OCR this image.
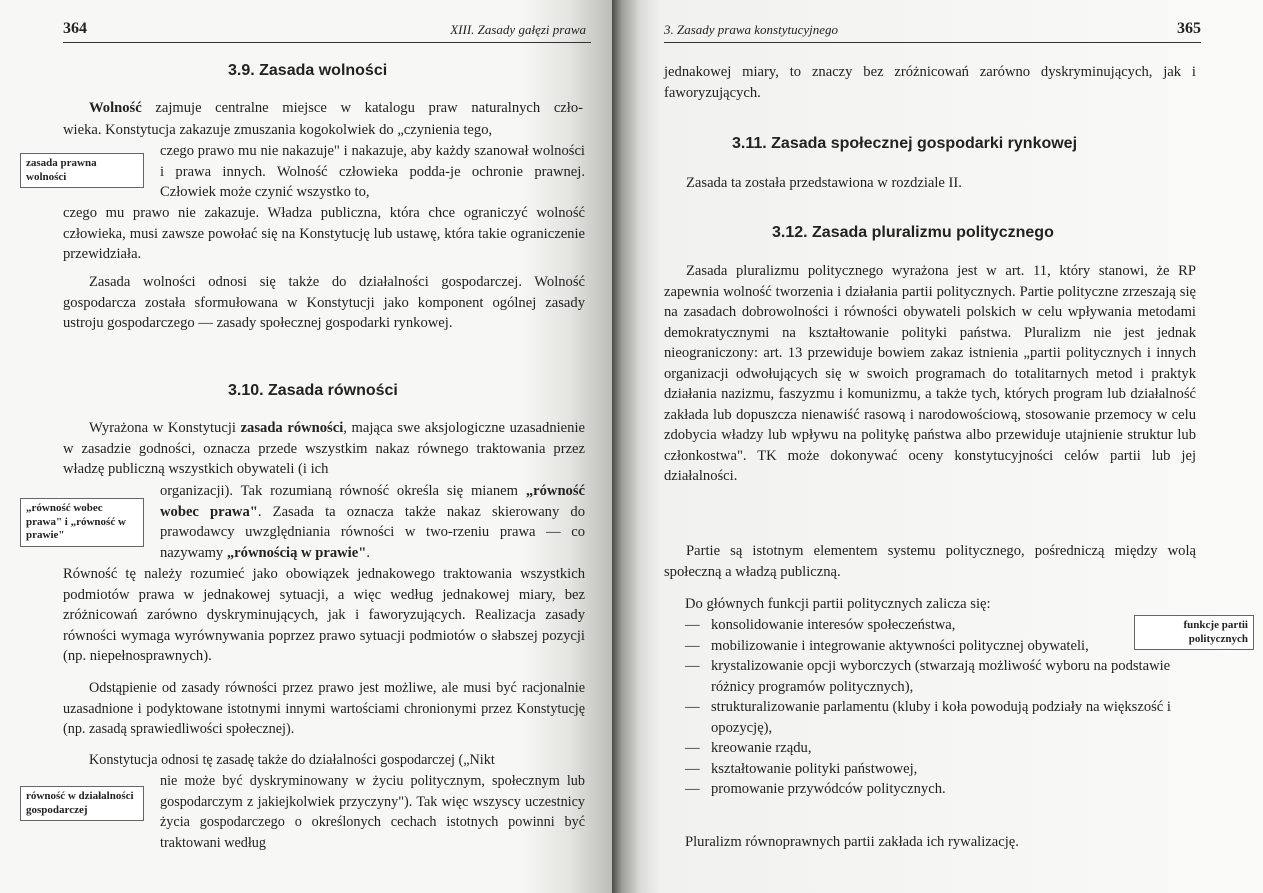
364	XIII. Zasady gałęzi prawa
3.9. Zasada wolności

Wolność zajmuje centralne miejsce w katalogu praw naturalnych czło-

wieka. Konstytucja zakazuje zmuszania kogokolwiek do „czynienia tego,

czego prawo mu nie nakazuje" i nakazuje, aby każdy szanował wolności i prawa innych. Wolność człowieka podda-je ochronie prawnej. Człowiek może czynić wszystko to,

czego mu prawo nie zakazuje. Władza publiczna, która chce ograniczyć wolność człowieka, musi zawsze powołać się na Konstytucję lub ustawę, która takie ograniczenie przewidziała.

zasada prawna wolności

Zasada wolności odnosi się także do działalności gospodarczej. Wolność gospodarcza została sformułowana w Konstytucji jako komponent ogólnej zasady ustroju gospodarczego — zasady społecznej gospodarki rynkowej.

3.10. Zasada równości

Wyrażona w Konstytucji zasada równości, mająca swe aksjologiczne uzasadnienie w zasadzie godności, oznacza przede wszystkim nakaz równego traktowania przez władzę publiczną wszystkich obywateli (i ich

organizacji). Tak rozumianą równość określa się mianem „równość wobec prawa". Zasada ta oznacza także nakaz skierowany do prawodawcy uwzględniania równości w two-rzeniu prawa — co nazywamy „równością w prawie".

Równość tę należy rozumieć jako obowiązek jednakowego traktowania wszystkich podmiotów prawa w jednakowej sytuacji, a więc według jednakowej miary, bez zróżnicowań zarówno dyskryminujących, jak i faworyzujących. Realizacja zasady równości wymaga wyrównywania poprzez prawo sytuacji podmiotów o słabszej pozycji (np. niepełnosprawnych).

„równość wobec prawa" i „równość w prawie"

Odstąpienie od zasady równości przez prawo jest możliwe, ale musi być racjonalnie uzasadnione i podyktowane istotnymi innymi wartościami chronionymi przez Konstytucję (np. zasadą sprawiedliwości społecznej).

Konstytucja odnosi tę zasadę także do działalności gospodarczej („Nikt

nie może być dyskryminowany w życiu politycznym, społecznym lub gospodarczym z jakiejkolwiek przyczyny"). Tak więc wszyscy uczestnicy życia gospodarczego o określonych cechach istotnych powinni być traktowani według

równość w działalności gospodarczej
3. Zasady prawa konstytucyjnego	365

jednakowej miary, to znaczy bez zróżnicowań zarówno dyskryminujących, jak i faworyzujących.

3.11. Zasada społecznej gospodarki rynkowej

Zasada ta została przedstawiona w rozdziale II.

3.12. Zasada pluralizmu politycznego

Zasada pluralizmu politycznego wyrażona jest w art. 11, który stanowi, że RP zapewnia wolność tworzenia i działania partii politycznych. Partie polityczne zrzeszają się na zasadach dobrowolności i równości obywateli polskich w celu wpływania metodami demokratycznymi na kształtowanie polityki państwa. Pluralizm nie jest jednak nieograniczony: art. 13 przewiduje bowiem zakaz istnienia „partii politycznych i innych organizacji odwołujących się w swoich programach do totalitarnych metod i praktyk działania nazizmu, faszyzmu i komunizmu, a także tych, których program lub działalność zakłada lub dopuszcza nienawiść rasową i narodowościową, stosowanie przemocy w celu zdobycia władzy lub wpływu na politykę państwa albo przewiduje utajnienie struktur lub członkostwa". TK może dokonywać oceny konstytucyjności celów partii lub jej działalności.

Partie są istotnym elementem systemu politycznego, pośredniczą między wolą społeczną a władzą publiczną.

Do głównych funkcji partii politycznych zalicza się:

— konsolidowanie interesów społeczeństwa,
— mobilizowanie i integrowanie aktywności politycznej obywateli,
— krystalizowanie opcji wyborczych (stwarzają możliwość wyboru na podstawie różnicy programów politycznych),
— strukturalizowanie parlamentu (kluby i koła powodują podziały na większość i opozycję),
— kreowanie rządu,
— kształtowanie polityki państwowej,
— promowanie przywódców politycznych.
funkcje partii politycznych

Pluralizm równoprawnych partii zakłada ich rywalizację.
